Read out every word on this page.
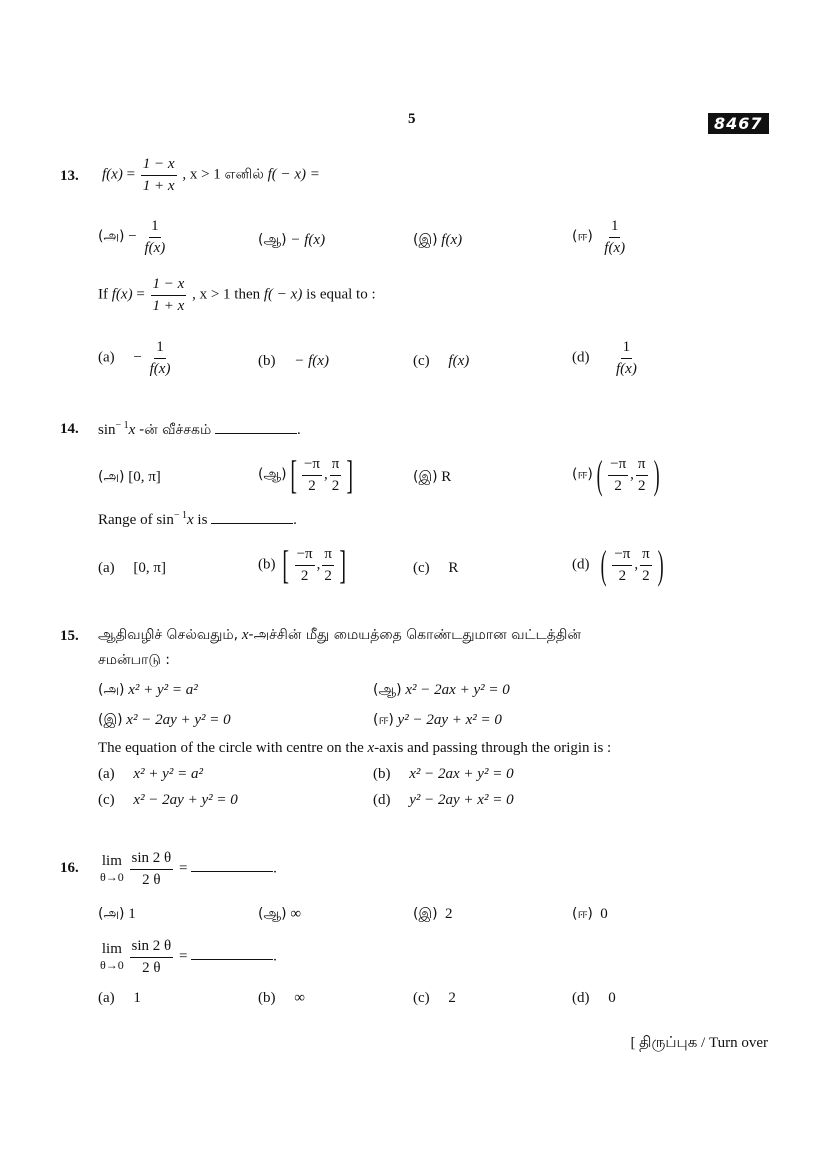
5	8467
13. $f(x) = \frac{1 - x}{1 + x}$ , x > 1 எனில் f( − x) =
(அ) − $\frac{1}{f(x)}$	(ஆ) − f(x)	(இ) f(x)	(ஈ) $\frac{1}{f(x)}$
If $f(x) = \frac{1 - x}{1 + x}$ , x > 1 then f( − x) is equal to :
$(a) - \frac{1}{f(x)}$	(b) − f(x)	(c) f(x)	$(d) \frac{1}{f(x)}$
14. $\sin^{- 1}x$ -ன் வீச்சகம்	.
(அ) [0, π]	(ஆ)[ $\frac{-\pi}{2}$ , $\frac{\pi}{2}$ ]	(இ) R	(ஈ)( $\frac{-\pi}{2}$ , $\frac{\pi}{2}$ )
Range of $\sin^{- 1}x$ is	.
(a) [0, π]	(b) [ $\frac{-\pi}{2}$ , $\frac{\pi}{2}$ ]	(c) R	(d) ( $\frac{-\pi}{2}$ , $\frac{\pi}{2}$ )
15. ஆதிவழிச் செல்வதும், x-அச்சின் மீது மையத்தை கொண்டதுமான வட்டத்தின்
சமன்பாடு :
(அ) x² + y² = a²	(ஆ) x² − 2ax + y² = 0
(இ) x² − 2ay + y² = 0	(ஈ) y² − 2ay + x² = 0
The equation of the circle with centre on the x-axis and passing through the origin is :
(a) x² + y² = a²	(b) x² − 2ax + y² = 0
(c) x² − 2ay + y² = 0	(d) y² − 2ay + x² = 0
16. lim
θ→0
$\frac{\sin 2 \theta}{2 \theta}$ =	.
(அ) 1	(ஆ) ∞	(இ) 2	(ஈ) 0
lim
θ→0
$\frac{\sin 2 \theta}{2 \theta}$ =	.
(a) 1	(b) ∞	(c) 2	(d) 0
[ திருப்புக / Turn over
